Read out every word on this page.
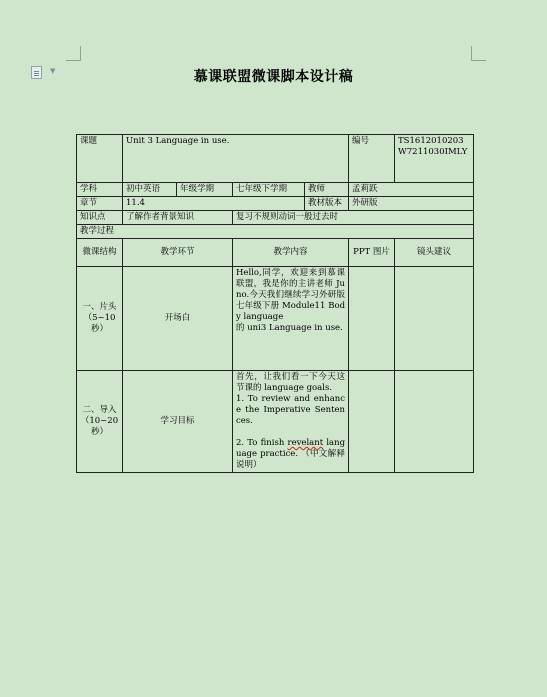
▼	慕课联盟微课脚本设计稿
课题	Unit 3 Language in use.				编号	TS1612010203
W7211030IMLY

学科	初中英语	年级学期	七年级下学期	教师	孟莉跃	
章节	11.4			教材版本	外研版	
知识点	了解作者背景知识		复习不规则动词一般过去时			
教学过程						
微课结构	教学环节		教学内容		PPT 图片	镜头建议
一、片头（5~10秒）	开场白		Hello,同学，欢迎来到慕课联盟，我是你的主讲老师 Juno.今天我们继续学习外研版七年级下册 Module11 Body language

的 uni3 Language in use.			

二、导入（10~20秒）	学习目标		首先，让我们看一下今天这节课的 language goals.

1. To review and enhance the Imperative Sentences.

2. To finish revelant language practice. （中文解释说明）			
